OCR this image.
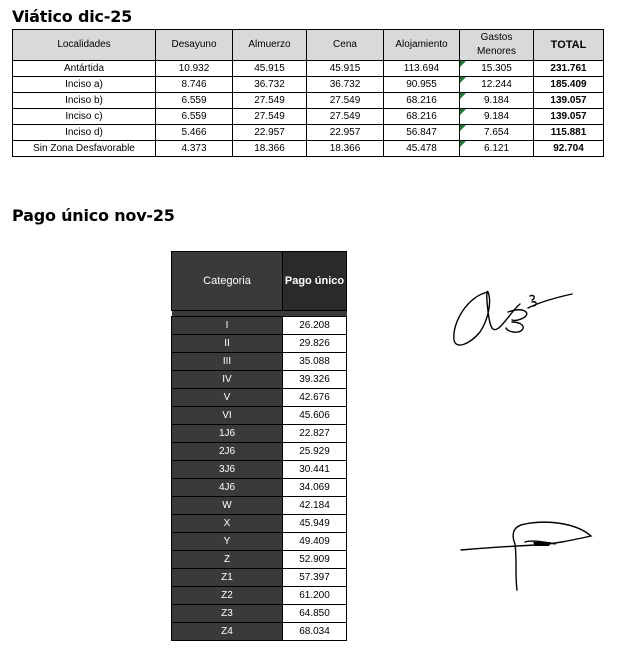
Viático dic-25
Localidades	Desayuno	Almuerzo	Cena	Alojamiento	Gastos Menores	TOTAL
Antártida	10.932	45.915	45.915	113.694	15.305	231.761
Inciso a)	8.746	36.732	36.732	90.955	12.244	185.409
Inciso b)	6.559	27.549	27.549	68.216	9.184	139.057
Inciso c)	6.559	27.549	27.549	68.216	9.184	139.057
Inciso d)	5.466	22.957	22.957	56.847	7.654	115.881
Sin Zona Desfavorable	4.373	18.366	18.366	45.478	6.121	92.704
Pago único nov-25
Categoria	Pago único

I	26.208
II	29.826
III	35.088
IV	39.326
V	42.676
VI	45.606
1J6	22.827
2J6	25.929
3J6	30.441
4J6	34.069
W	42.184
X	45.949
Y	49.409
Z	52.909
Z1	57.397
Z2	61.200
Z3	64.850
Z4	68.034
